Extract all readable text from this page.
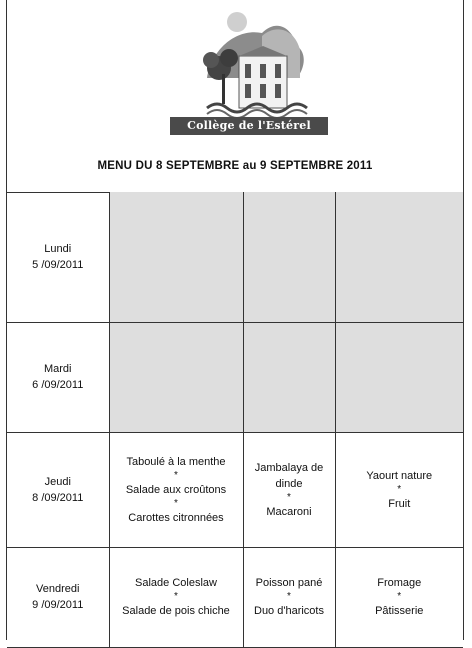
Collège de l'Estérel
MENU DU 8 SEPTEMBRE au 9 SEPTEMBRE 2011
Lundi
5 /09/2011			

Mardi
6 /09/2011			

Jeudi
8 /09/2011	Taboulé à la menthe
*
Salade aux croûtons
*
Carottes citronnées	Jambalaya de dinde
*
Macaroni	Yaourt nature
*
Fruit

Vendredi
9 /09/2011	Salade Coleslaw
*
Salade de pois chiche	Poisson pané
*
Duo d'haricots	Fromage
*
Pâtisserie
